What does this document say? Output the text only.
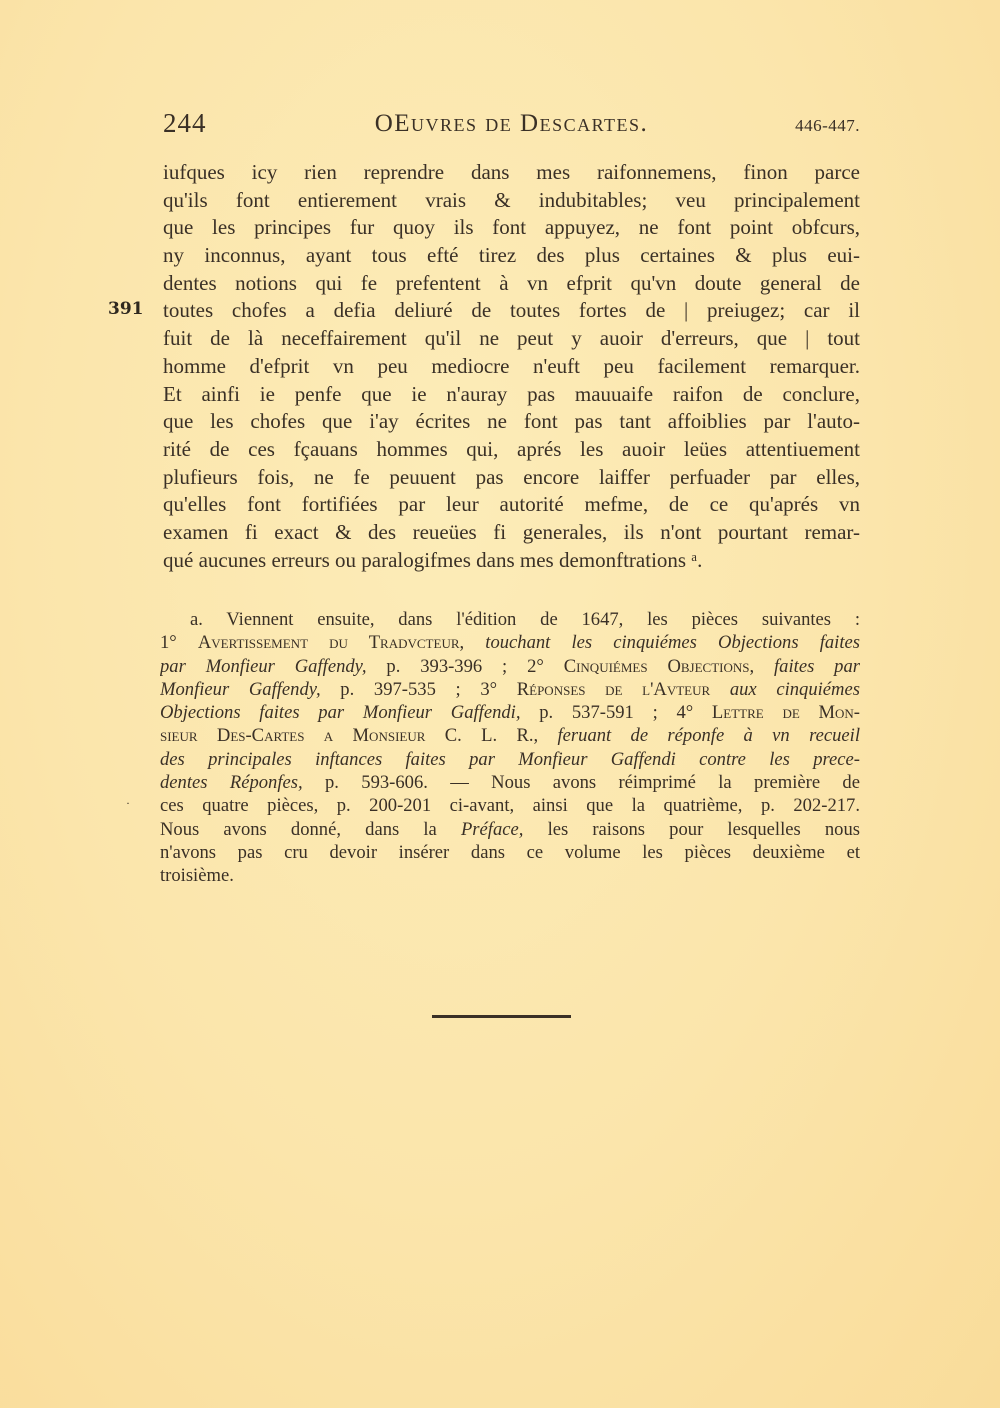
244	OEuvres de Descartes.	446-447.
391
iufques icy rien reprendre dans mes raifonnemens, finon parce
qu'ils font entierement vrais & indubitables; veu principalement
que les principes fur quoy ils font appuyez, ne font point obfcurs,
ny inconnus, ayant tous efté tirez des plus certaines & plus eui-
dentes notions qui fe prefentent à vn efprit qu'vn doute general de
toutes chofes a defia deliuré de toutes fortes de | preiugez; car il
fuit de là neceffairement qu'il ne peut y auoir d'erreurs, que | tout
homme d'efprit vn peu mediocre n'euft peu facilement remarquer.
Et ainfi ie penfe que ie n'auray pas mauuaife raifon de conclure,
que les chofes que i'ay écrites ne font pas tant affoiblies par l'auto-
rité de ces fçauans hommes qui, aprés les auoir leües attentiuement
plufieurs fois, ne fe peuuent pas encore laiffer perfuader par elles,
qu'elles font fortifiées par leur autorité mefme, de ce qu'aprés vn
examen fi exact & des reueües fi generales, ils n'ont pourtant remar-
qué aucunes erreurs ou paralogifmes dans mes demonftrations ᵃ.
a. Viennent ensuite, dans l'édition de 1647, les pièces suivantes :
1° Avertissement du Tradvcteur, touchant les cinquiémes Objections faites
par Monfieur Gaffendy, p. 393-396 ; 2° Cinquiémes Objections, faites par
Monfieur Gaffendy, p. 397-535 ; 3° Réponses de l'Avteur aux cinquiémes
Objections faites par Monfieur Gaffendi, p. 537-591 ; 4° Lettre de Mon-
sieur Des-Cartes a Monsieur C. L. R., feruant de réponfe à vn recueil
des principales inftances faites par Monfieur Gaffendi contre les prece-
dentes Réponfes, p. 593-606. — Nous avons réimprimé la première de
ces quatre pièces, p. 200-201 ci-avant, ainsi que la quatrième, p. 202-217.
Nous avons donné, dans la Préface, les raisons pour lesquelles nous
n'avons pas cru devoir insérer dans ce volume les pièces deuxième et
troisième.
·
